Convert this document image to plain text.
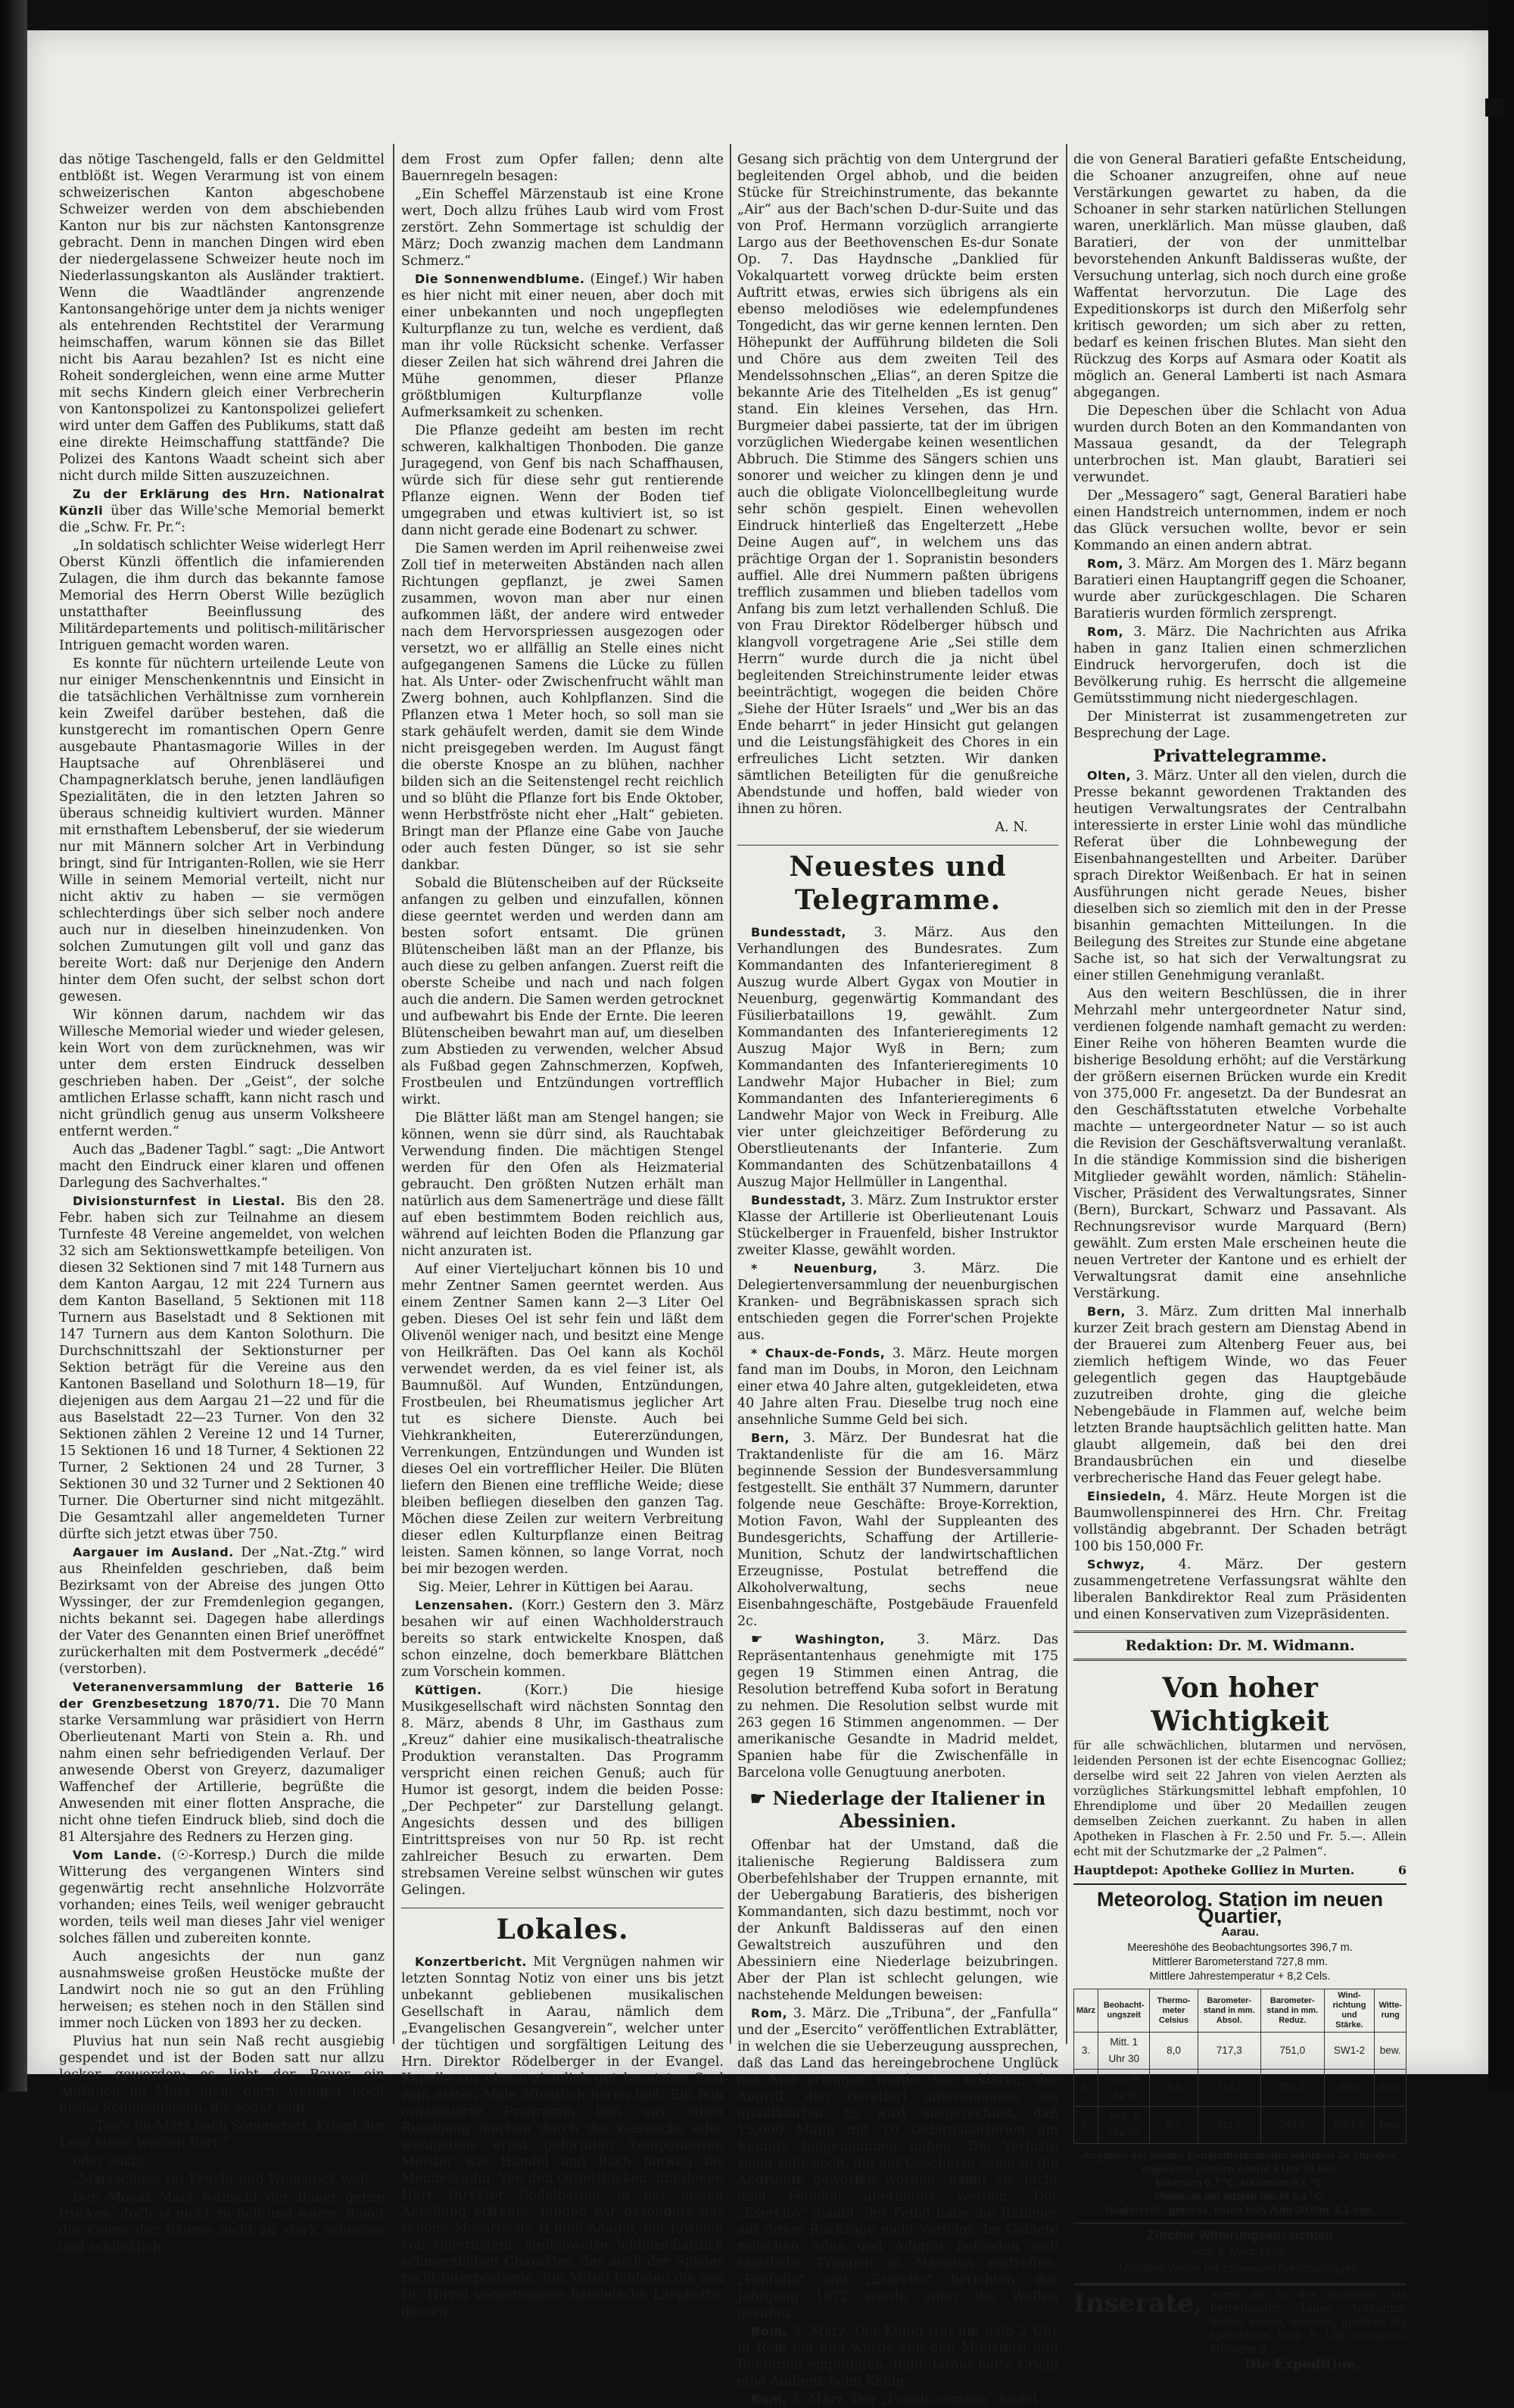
das nötige Taschengeld, falls er den Geldmittel entblößt ist. Wegen Verarmung ist von einem schweizerischen Kanton abgeschobene Schweizer werden von dem abschiebenden Kanton nur bis zur nächsten Kantonsgrenze gebracht. Denn in manchen Dingen wird eben der niedergelassene Schweizer heute noch im Niederlassungskanton als Ausländer traktiert. Wenn die Waadtländer angrenzende Kantonsangehörige unter dem ja nichts weniger als entehrenden Rechtstitel der Verarmung heimschaffen, warum können sie das Billet nicht bis Aarau bezahlen? Ist es nicht eine Roheit sondergleichen, wenn eine arme Mutter mit sechs Kindern gleich einer Verbrecherin von Kantonspolizei zu Kantonspolizei geliefert wird unter dem Gaffen des Publikums, statt daß eine direkte Heimschaffung stattfände? Die Polizei des Kantons Waadt scheint sich aber nicht durch milde Sitten auszuzeichnen.

Zu der Erklärung des Hrn. Nationalrat Künzli über das Wille'sche Memorial bemerkt die „Schw. Fr. Pr.“:

„In soldatisch schlichter Weise widerlegt Herr Oberst Künzli öffentlich die infamierenden Zulagen, die ihm durch das bekannte famose Memorial des Herrn Oberst Wille bezüglich unstatthafter Beeinflussung des Militärdepartements und politisch-militärischer Intriguen gemacht worden waren.

Es konnte für nüchtern urteilende Leute von nur einiger Menschenkenntnis und Einsicht in die tatsächlichen Verhältnisse zum vornherein kein Zweifel darüber bestehen, daß die kunstgerecht im romantischen Opern Genre ausgebaute Phantasmagorie Willes in der Hauptsache auf Ohrenbläserei und Champagnerklatsch beruhe, jenen landläufigen Spezialitäten, die in den letzten Jahren so überaus schneidig kultiviert wurden. Männer mit ernsthaftem Lebensberuf, der sie wiederum nur mit Männern solcher Art in Verbindung bringt, sind für Intriganten-Rollen, wie sie Herr Wille in seinem Memorial verteilt, nicht nur nicht aktiv zu haben — sie vermögen schlechterdings über sich selber noch andere auch nur in dieselben hineinzudenken. Von solchen Zumutungen gilt voll und ganz das bereite Wort: daß nur Derjenige den Andern hinter dem Ofen sucht, der selbst schon dort gewesen.

Wir können darum, nachdem wir das Willesche Memorial wieder und wieder gelesen, kein Wort von dem zurücknehmen, was wir unter dem ersten Eindruck desselben geschrieben haben. Der „Geist“, der solche amtlichen Erlasse schafft, kann nicht rasch und nicht gründlich genug aus unserm Volksheere entfernt werden.“

Auch das „Badener Tagbl.“ sagt: „Die Antwort macht den Eindruck einer klaren und offenen Darlegung des Sachverhaltes.“

Divisionsturnfest in Liestal. Bis den 28. Febr. haben sich zur Teilnahme an diesem Turnfeste 48 Vereine angemeldet, von welchen 32 sich am Sektionswettkampfe beteiligen. Von diesen 32 Sektionen sind 7 mit 148 Turnern aus dem Kanton Aargau, 12 mit 224 Turnern aus dem Kanton Baselland, 5 Sektionen mit 118 Turnern aus Baselstadt und 8 Sektionen mit 147 Turnern aus dem Kanton Solothurn. Die Durchschnittszahl der Sektionsturner per Sektion beträgt für die Vereine aus den Kantonen Baselland und Solothurn 18—19, für diejenigen aus dem Aargau 21—22 und für die aus Baselstadt 22—23 Turner. Von den 32 Sektionen zählen 2 Vereine 12 und 14 Turner, 15 Sektionen 16 und 18 Turner, 4 Sektionen 22 Turner, 2 Sektionen 24 und 28 Turner, 3 Sektionen 30 und 32 Turner und 2 Sektionen 40 Turner. Die Oberturner sind nicht mitgezählt. Die Gesamtzahl aller angemeldeten Turner dürfte sich jetzt etwas über 750.

Aargauer im Ausland. Der „Nat.-Ztg.“ wird aus Rheinfelden geschrieben, daß beim Bezirksamt von der Abreise des jungen Otto Wyssinger, der zur Fremdenlegion gegangen, nichts bekannt sei. Dagegen habe allerdings der Vater des Genannten einen Brief uneröffnet zurückerhalten mit dem Postvermerk „decédé“ (verstorben).

Veteranenversammlung der Batterie 16 der Grenzbesetzung 1870/71. Die 70 Mann starke Versammlung war präsidiert von Herrn Oberlieutenant Marti von Stein a. Rh. und nahm einen sehr befriedigenden Verlauf. Der anwesende Oberst von Greyerz, dazumaliger Waffenchef der Artillerie, begrüßte die Anwesenden mit einer flotten Ansprache, die nicht ohne tiefen Eindruck blieb, sind doch die 81 Altersjahre des Redners zu Herzen ging.

Vom Lande. (☉-Korresp.) Durch die milde Witterung des vergangenen Winters sind gegenwärtig recht ansehnliche Holzvorräte vorhanden; eines Teils, weil weniger gebraucht worden, teils weil man dieses Jahr viel weniger solches fällen und zubereiten konnte.

Auch angesichts der nun ganz ausnahmsweise großen Heustöcke mußte der Landwirt noch nie so gut an den Frühling herweisen; es stehen noch in den Ställen sind immer noch Lücken von 1893 her zu decken.

Pluvius hat nun sein Naß recht ausgiebig gespendet und ist der Boden satt nur allzu locker geworden; es liebt der Bauer ein Auftauen im März nicht gern, weniger noch große Schneemassen, die sogar sagt:

„Tau's im März nach Sommerart, Kriegt der Lenz einen weißen Bart,“

oder auch:

„Märzschnee tut Frucht und Weinstock weh.“

Den Monat März wünscht der Bauer gerne trocken, doch ja nicht zu hell und warm, damit die Keime der Bäume nicht zu stark schießen und schließlich

dem Frost zum Opfer fallen; denn alte Bauernregeln besagen:

„Ein Scheffel Märzenstaub ist eine Krone wert, Doch allzu frühes Laub wird vom Frost zerstört. Zehn Sommertage ist schuldig der März; Doch zwanzig machen dem Landmann Schmerz.“

Die Sonnenwendblume. (Eingef.) Wir haben es hier nicht mit einer neuen, aber doch mit einer unbekannten und noch ungepflegten Kulturpflanze zu tun, welche es verdient, daß man ihr volle Rücksicht schenke. Verfasser dieser Zeilen hat sich während drei Jahren die Mühe genommen, dieser Pflanze größtblumigen Kulturpflanze volle Aufmerksamkeit zu schenken.

Die Pflanze gedeiht am besten im recht schweren, kalkhaltigen Thonboden. Die ganze Juragegend, von Genf bis nach Schaffhausen, würde sich für diese sehr gut rentierende Pflanze eignen. Wenn der Boden tief umgegraben und etwas kultiviert ist, so ist dann nicht gerade eine Bodenart zu schwer.

Die Samen werden im April reihenweise zwei Zoll tief in meterweiten Abständen nach allen Richtungen gepflanzt, je zwei Samen zusammen, wovon man aber nur einen aufkommen läßt, der andere wird entweder nach dem Hervorspriessen ausgezogen oder versetzt, wo er allfällig an Stelle eines nicht aufgegangenen Samens die Lücke zu füllen hat. Als Unter- oder Zwischenfrucht wählt man Zwerg bohnen, auch Kohlpflanzen. Sind die Pflanzen etwa 1 Meter hoch, so soll man sie stark gehäufelt werden, damit sie dem Winde nicht preisgegeben werden. Im August fängt die oberste Knospe an zu blühen, nachher bilden sich an die Seitenstengel recht reichlich und so blüht die Pflanze fort bis Ende Oktober, wenn Herbstfröste nicht eher „Halt“ gebieten. Bringt man der Pflanze eine Gabe von Jauche oder auch festen Dünger, so ist sie sehr dankbar.

Sobald die Blütenscheiben auf der Rückseite anfangen zu gelben und einzufallen, können diese geerntet werden und werden dann am besten sofort entsamt. Die grünen Blütenscheiben läßt man an der Pflanze, bis auch diese zu gelben anfangen. Zuerst reift die oberste Scheibe und nach und nach folgen auch die andern. Die Samen werden getrocknet und aufbewahrt bis Ende der Ernte. Die leeren Blütenscheiben bewahrt man auf, um dieselben zum Abstieden zu verwenden, welcher Absud als Fußbad gegen Zahnschmerzen, Kopfweh, Frostbeulen und Entzündungen vortrefflich wirkt.

Die Blätter läßt man am Stengel hangen; sie können, wenn sie dürr sind, als Rauchtabak Verwendung finden. Die mächtigen Stengel werden für den Ofen als Heizmaterial gebraucht. Den größten Nutzen erhält man natürlich aus dem Samenerträge und diese fällt auf eben bestimmtem Boden reichlich aus, während auf leichten Boden die Pflanzung gar nicht anzuraten ist.

Auf einer Vierteljuchart können bis 10 und mehr Zentner Samen geerntet werden. Aus einem Zentner Samen kann 2—3 Liter Oel geben. Dieses Oel ist sehr fein und läßt dem Olivenöl weniger nach, und besitzt eine Menge von Heilkräften. Das Oel kann als Kochöl verwendet werden, da es viel feiner ist, als Baumnußöl. Auf Wunden, Entzündungen, Frostbeulen, bei Rheumatismus jeglicher Art tut es sichere Dienste. Auch bei Viehkrankheiten, Eutererzündungen, Verrenkungen, Entzündungen und Wunden ist dieses Oel ein vortrefflicher Heiler. Die Blüten liefern den Bienen eine treffliche Weide; diese bleiben befliegen dieselben den ganzen Tag. Möchen diese Zeilen zur weitern Verbreitung dieser edlen Kulturpflanze einen Beitrag leisten. Samen können, so lange Vorrat, noch bei mir bezogen werden.

Sig. Meier, Lehrer in Küttigen bei Aarau.

Lenzensahen. (Korr.) Gestern den 3. März besahen wir auf einen Wachholderstrauch bereits so stark entwickelte Knospen, daß schon einzelne, doch bemerkbare Blättchen zum Vorschein kommen.

Küttigen.	(Korr.) Die hiesige Musikgesellschaft wird nächsten Sonntag den 8. März, abends 8 Uhr, im Gasthaus zum „Kreuz“ dahier eine musikalisch-theatralische Produktion veranstalten. Das Programm verspricht einen reichen Genuß; auch für Humor ist gesorgt, indem die beiden Posse: „Der Pechpeter“ zur Darstellung gelangt. Angesichts dessen und des billigen Eintrittspreises von nur 50 Rp. ist recht zahlreicher Besuch zu erwarten. Dem strebsamen Vereine selbst wünschen wir gutes Gelingen.

Lokales.

Konzertbericht. Mit Vergnügen nahmen wir letzten Sonntag Notiz von einer uns bis jetzt unbekannt gebliebenen musikalischen Gesellschaft in Aarau, nämlich dem „Evangelischen Gesangverein“, welcher unter der tüchtigen und sorgfältigen Leitung des Hrn. Direktor Rödelberger in der Evangel. Kapelle vor einem ziemlich gut besetzten Saal zum ersten Male öffentlich hören ließ. Ein fein organisierte Programm ließ uns einen Rundgang machen durch die klassische oder wenigstens ernst geformten komponierten Meister wie Händel und Bach hinweg bis Mendelssohn. Von den Orgelstücken, mit denen Herr Direktor Rödelberger in der ersten Abteilung erfreute, fanden wir besonders das schöne Mozartsche H-moll-Adagio, ein Juwelen von tiefernstem, stellenweise leidenschaftlich schmerzlichen Charakter, das auch der Spieler recht interpretierte. Ein Mittel bildeten die von Dr. Hirzel vorgetragene händelsche Larghetto, dessen

Gesang sich prächtig von dem Untergrund der begleitenden Orgel abhob, und die beiden Stücke für Streichinstrumente, das bekannte „Air“ aus der Bach'schen D-dur-Suite und das von Prof. Hermann vorzüglich arrangierte Largo aus der Beethovenschen Es-dur Sonate Op. 7. Das Haydnsche „Danklied für Vokalquartett vorweg drückte beim ersten Auftritt etwas, erwies sich übrigens als ein ebenso melodiöses wie edelempfundenes Tongedicht, das wir gerne kennen lernten. Den Höhepunkt der Aufführung bildeten die Soli und Chöre aus dem zweiten Teil des Mendelssohnschen „Elias“, an deren Spitze die bekannte Arie des Titelhelden „Es ist genug“ stand. Ein kleines Versehen, das Hrn. Burgmeier dabei passierte, tat der im übrigen vorzüglichen Wiedergabe keinen wesentlichen Abbruch. Die Stimme des Sängers schien uns sonorer und weicher zu klingen denn je und auch die obligate Violoncellbegleitung wurde sehr schön gespielt. Einen wehevollen Eindruck hinterließ das Engelterzett „Hebe Deine Augen auf“, in welchem uns das prächtige Organ der 1. Sopranistin besonders auffiel. Alle drei Nummern paßten übrigens trefflich zusammen und blieben tadellos vom Anfang bis zum letzt verhallenden Schluß. Die von Frau Direktor Rödelberger hübsch und klangvoll vorgetragene Arie „Sei stille dem Herrn“ wurde durch die ja nicht übel begleitenden Streichinstrumente leider etwas beeinträchtigt, wogegen die beiden Chöre „Siehe der Hüter Israels“ und „Wer bis an das Ende beharrt“ in jeder Hinsicht gut gelangen und die Leistungsfähigkeit des Chores in ein erfreuliches Licht setzten. Wir danken sämtlichen Beteiligten für die genußreiche Abendstunde und hoffen, bald wieder von ihnen zu hören.

A. N.

Neuestes und Telegramme.

Bundesstadt, 3. März. Aus den Verhandlungen des Bundesrates. Zum Kommandanten des Infanterieregiment 8 Auszug wurde Albert Gygax von Moutier in Neuenburg, gegenwärtig Kommandant des Füsilierbataillons 19, gewählt. Zum Kommandanten des Infanterieregiments 12 Auszug Major Wyß in Bern; zum Kommandanten des Infanterieregiments 10 Landwehr Major Hubacher in Biel; zum Kommandanten des Infanterieregiments 6 Landwehr Major von Weck in Freiburg. Alle vier unter gleichzeitiger Beförderung zu Oberstlieutenants der Infanterie. Zum Kommandanten des Schützenbataillons 4 Auszug Major Hellmüller in Langenthal.

Bundesstadt, 3. März. Zum Instruktor erster Klasse der Artillerie ist Oberlieutenant Louis Stückelberger in Frauenfeld, bisher Instruktor zweiter Klasse, gewählt worden.

* Neuenburg,	3. März. Die Delegiertenversammlung der neuenburgischen Kranken- und Begräbniskassen sprach sich entschieden gegen die Forrer'schen Projekte aus.

* Chaux-de-Fonds, 3. März. Heute morgen fand man im Doubs, in Moron, den Leichnam einer etwa 40 Jahre alten, gutgekleideten, etwa 40 Jahre alten Frau. Dieselbe trug noch eine ansehnliche Summe Geld bei sich.

Bern, 3. März. Der Bundesrat hat die Traktandenliste für die am 16. März beginnende Session der Bundesversammlung festgestellt. Sie enthält 37 Nummern, darunter folgende neue Geschäfte: Broye-Korrektion, Motion Favon, Wahl der Suppleanten des Bundesgerichts, Schaffung der Artillerie-Munition, Schutz der landwirtschaftlichen Erzeugnisse, Postulat betreffend die Alkoholverwaltung, sechs neue Eisenbahngeschäfte, Postgebäude Frauenfeld 2c.

☛	Washington, 3. März. Das Repräsentantenhaus genehmigte mit 175 gegen 19 Stimmen einen Antrag, die Resolution betreffend Kuba sofort in Beratung zu nehmen. Die Resolution selbst wurde mit 263 gegen 16 Stimmen angenommen. — Der amerikanische Gesandte in Madrid meldet, Spanien habe für die Zwischenfälle in Barcelona volle Genugtuung anerboten.

☛ Niederlage der Italiener in Abessinien.

Offenbar hat der Umstand, daß die italienische Regierung Baldissera zum Oberbefehlshaber der Truppen ernannte, mit der Uebergabung Baratieris, des bisherigen Kommandanten, sich dazu bestimmt, noch vor der Ankunft Baldisseras auf den einen Gewaltstreich auszuführen und den Abessiniern eine Niederlage beizubringen. Aber der Plan ist schlecht gelungen, wie nachstehende Meldungen beweisen:

Rom, 3. März. Die „Tribuna“, der „Fanfulla“ und der „Esercito“ veröffentlichen Extrablätter, in welchen die sie Ueberzeugung aussprechen, daß das Land das hereingebrochene Unglück mit Mut ertragen werde. Sie erklären, der Angriff, den Baratieri unternommen, sei unaufklärbar. Es wird ausgerechnet, daß 15,000 Mann mit 10 Gebirgsbatterien am Kampfe teilgenommen haben. Die Verluste seien sehr hoch, die auf Geschütze seien in die Abgründe geworfen worden, damit sie nicht dem Feinden überliefert werden. Der „Esercito“ glaubt, der Feind habe die Italiener auf ihrem Rückzuge nicht verfolgt. Im Gebiete zwischen Adua und Adigrat befänden sich sämtliche Truppen in Massaua eintreffen. „Fanfulla“ und „Esercito“ berichten, der Jahrgang 1872 werde unter die Waffen gerufen.

Rom, 3. März. Der König traf um halb 2 Uhr in Rom ein und wurde von den Ministern und Behörden empfangen. Bald darauf hatte Crispi eine Audienz beim König.

Rom, 3. März. Der „Popolo romano“ findet

die von General Baratieri gefaßte Entscheidung, die Schoaner anzugreifen, ohne auf neue Verstärkungen gewartet zu haben, da die Schoaner in sehr starken natürlichen Stellungen waren, unerklärlich. Man müsse glauben, daß Baratieri, der von der unmittelbar bevorstehenden Ankunft Baldisseras wußte, der Versuchung unterlag, sich noch durch eine große Waffentat hervorzutun. Die Lage des Expeditionskorps ist durch den Mißerfolg sehr kritisch geworden; um sich aber zu retten, bedarf es keinen frischen Blutes. Man sieht den Rückzug des Korps auf Asmara oder Koatit als möglich an. General Lamberti ist nach Asmara abgegangen.

Die Depeschen über die Schlacht von Adua wurden durch Boten an den Kommandanten von Massaua gesandt, da der Telegraph unterbrochen ist. Man glaubt, Baratieri sei verwundet.

Der „Messagero“ sagt, General Baratieri habe einen Handstreich unternommen, indem er noch das Glück versuchen wollte, bevor er sein Kommando an einen andern abtrat.

Rom, 3. März. Am Morgen des 1. März begann Baratieri einen Hauptangriff gegen die Schoaner, wurde aber zurückgeschlagen. Die Scharen Baratieris wurden förmlich zersprengt.

Rom, 3. März. Die Nachrichten aus Afrika haben in ganz Italien einen schmerzlichen Eindruck hervorgerufen, doch ist die Bevölkerung ruhig. Es herrscht die allgemeine Gemütsstimmung nicht niedergeschlagen.

Der Ministerrat ist zusammengetreten zur Besprechung der Lage.

Privattelegramme.

Olten, 3. März. Unter all den vielen, durch die Presse bekannt gewordenen Traktanden des heutigen Verwaltungsrates der Centralbahn interessierte in erster Linie wohl das mündliche Referat über die Lohnbewegung der Eisenbahnangestellten und Arbeiter. Darüber sprach Direktor Weißenbach. Er hat in seinen Ausführungen nicht gerade Neues, bisher dieselben sich so ziemlich mit den in der Presse bisanhin gemachten Mitteilungen. In die Beilegung des Streites zur Stunde eine abgetane Sache ist, so hat sich der Verwaltungsrat zu einer stillen Genehmigung veranlaßt.

Aus den weitern Beschlüssen, die in ihrer Mehrzahl mehr untergeordneter Natur sind, verdienen folgende namhaft gemacht zu werden: Einer Reihe von höheren Beamten wurde die bisherige Besoldung erhöht; auf die Verstärkung der größern eisernen Brücken wurde ein Kredit von 375,000 Fr. angesetzt. Da der Bundesrat an den Geschäftsstatuten etwelche Vorbehalte machte — untergeordneter Natur — so ist auch die Revision der Geschäftsverwaltung veranlaßt. In die ständige Kommission sind die bisherigen Mitglieder gewählt worden, nämlich: Stähelin-Vischer, Präsident des Verwaltungsrates, Sinner (Bern), Burckart, Schwarz und Passavant. Als Rechnungsrevisor wurde Marquard (Bern) gewählt. Zum ersten Male erscheinen heute die neuen Vertreter der Kantone und es erhielt der Verwaltungsrat damit eine ansehnliche Verstärkung.

Bern, 3. März. Zum dritten Mal innerhalb kurzer Zeit brach gestern am Dienstag Abend in der Brauerei zum Altenberg Feuer aus, bei ziemlich heftigem Winde, wo das Feuer gelegentlich gegen das Hauptgebäude zuzutreiben drohte, ging die gleiche Nebengebäude in Flammen auf, welche beim letzten Brande hauptsächlich gelitten hatte. Man glaubt allgemein, daß bei den drei Brandausbrüchen ein und dieselbe verbrecherische Hand das Feuer gelegt habe.

Einsiedeln, 4. März. Heute Morgen ist die Baumwollenspinnerei des Hrn. Chr. Freitag vollständig abgebrannt. Der Schaden beträgt 100 bis 150,000 Fr.

Schwyz,	4. März. Der gestern zusammengetretene Verfassungsrat wählte den liberalen Bankdirektor Real zum Präsidenten und einen Konservativen zum Vizepräsidenten.

Redaktion: Dr. M. Widmann.
Von hoher Wichtigkeit
für alle schwächlichen, blutarmen und nervösen, leidenden Personen ist der echte Eisencognac Golliez; derselbe wird seit 22 Jahren von vielen Aerzten als vorzügliches Stärkungsmittel lebhaft empfohlen, 10 Ehrendiplome und über 20 Medaillen zeugen demselben Zeichen zuerkannt. Zu haben in allen Apotheken in Flaschen à Fr. 2.50 und Fr. 5.—. Allein echt mit der Schutzmarke der „2 Palmen“.
Hauptdepot: Apotheke Golliez in Murten.	6
Meteorolog. Station im neuen Quartier,
Aarau.
Meereshöhe des Beobachtungsortes 396,7 m.
Mittlerer Barometerstand 727,8 mm.
Mittlere Jahrestemperatur + 8,2 Cels.
März	Beobacht-ungszeit	Thermo-meter Celsius	Barometer-stand in mm. Absol.	Barometer-stand in mm. Reduz.	Wind-richtung und Stärke.	Witte-rung
3.	Mitt. 1 Uhr 30	8,0	717,3	751,0	SW1-2	bew.
3.	Abd. 9 Uhr 30	6,5	714,7	751,0	SW1	bew.
4.	Mrg. 7 Uhr 30	6,1	711,7	748,0	SW1-2	bew.
Angaben der beiden Extremthermometer während 24 Stunden, abgelesen gestern Abend 9 Uhr 30 Min.
Minimum 0,7 °C. Maximum 9,5 °C.
Minimum der letzten Nacht 6,1 °C.
Niederschl., gemess. heute früh 7Uhr 30 Min. 0,1 mm.
Zürcher Witterungsaussichten
vom 4. März 1896.
Unstätes Wetter mit zeitweisen Niederschlägen.
Inserate, wenn sie in der Nummer des betreffenden Tages Aufnahme finden sollen, müssen, größere bis spätestens halb 9 Uhr morgens, kleinere 9
Die Expedition.
